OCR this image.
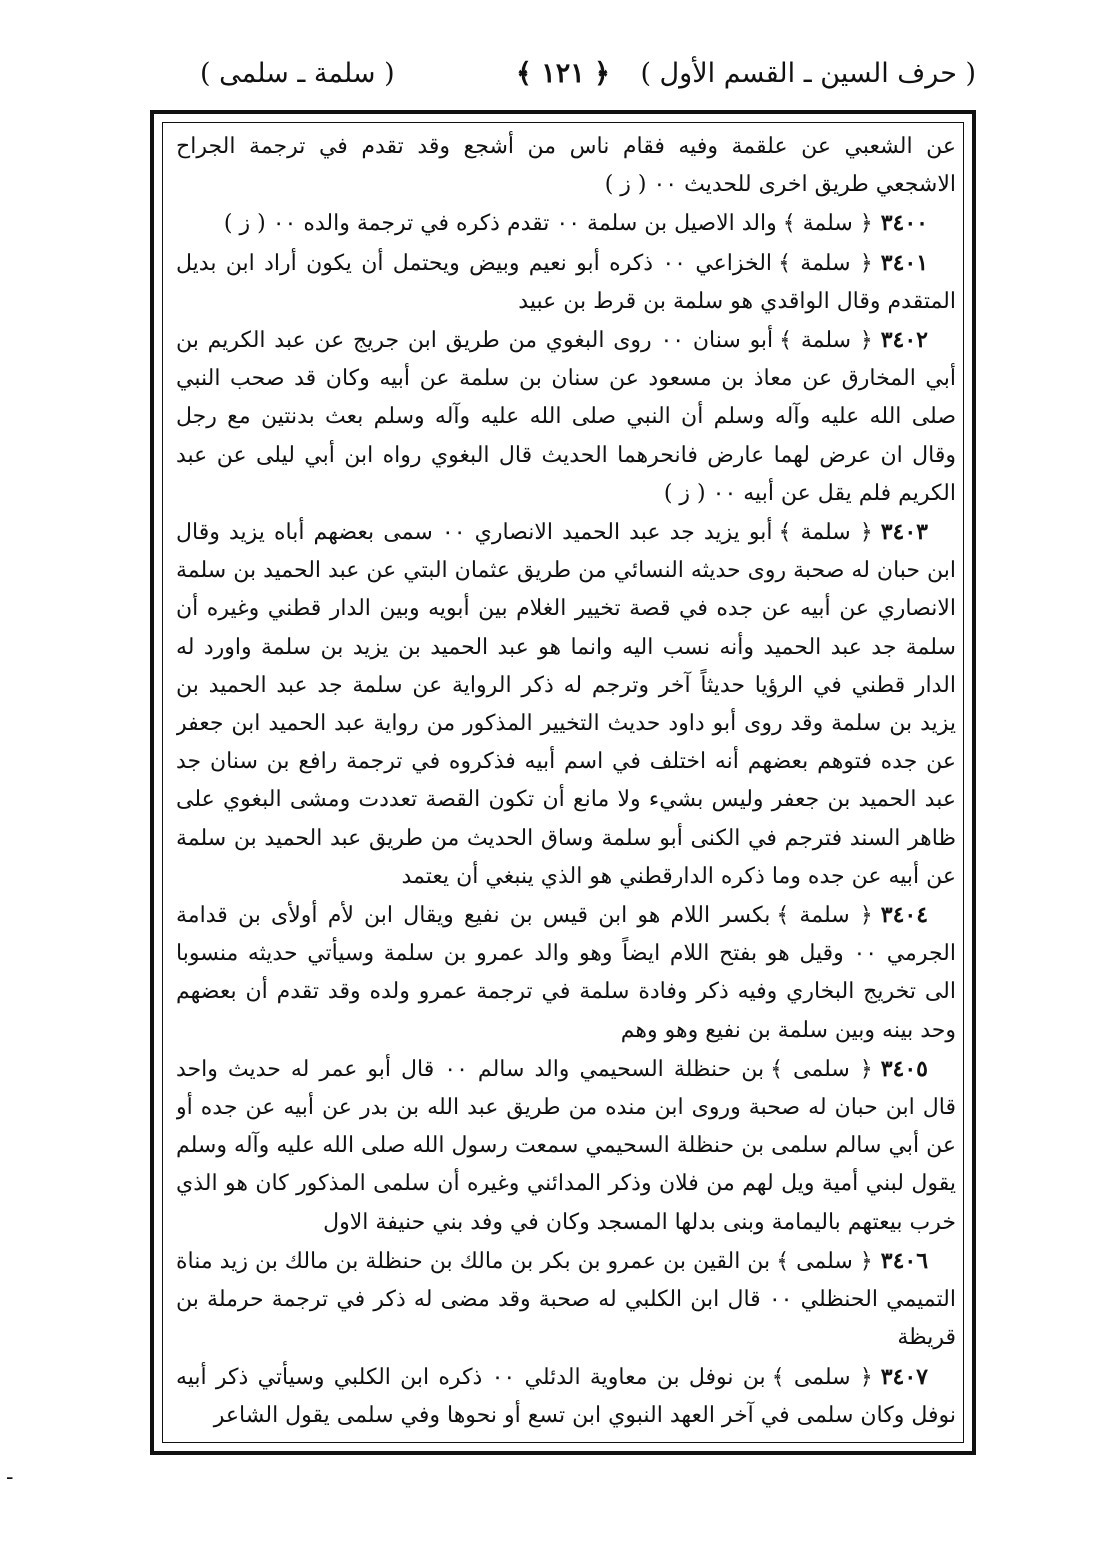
( حرف السين ـ القسم الأول )
﴿ ١٢١ ﴾
( سلمة ـ سلمى )

عن الشعبي عن علقمة وفيه فقام ناس من أشجع وقد تقدم في ترجمة الجراح الاشجعي طريق اخرى للحديث ٠٠ ( ز )

٣٤٠٠﴿ سلمة ﴾والد الاصيل بن سلمة ٠٠ تقدم ذكره في ترجمة والده ٠٠ ( ز )

٣٤٠١﴿ سلمة ﴾الخزاعي ٠٠ ذكره أبو نعيم وبيض ويحتمل أن يكون أراد ابن بديل المتقدم وقال الواقدي هو سلمة بن قرط بن عبيد

٣٤٠٢﴿ سلمة ﴾أبو سنان ٠٠ روى البغوي من طريق ابن جريج عن عبد الكريم بن أبي المخارق عن معاذ بن مسعود عن سنان بن سلمة عن أبيه وكان قد صحب النبي صلى الله عليه وآله وسلم أن النبي صلى الله عليه وآله وسلم بعث بدنتين مع رجل وقال ان عرض لهما عارض فانحرهما الحديث قال البغوي رواه ابن أبي ليلى عن عبد الكريم فلم يقل عن أبيه ٠٠ ( ز )

٣٤٠٣﴿ سلمة ﴾أبو يزيد جد عبد الحميد الانصاري ٠٠ سمى بعضهم أباه يزيد وقال ابن حبان له صحبة روى حديثه النسائي من طريق عثمان البتي عن عبد الحميد بن سلمة الانصاري عن أبيه عن جده في قصة تخيير الغلام بين أبويه وبين الدار قطني وغيره أن سلمة جد عبد الحميد وأنه نسب اليه وانما هو عبد الحميد بن يزيد بن سلمة واورد له الدار قطني في الرؤيا حديثاً آخر وترجم له ذكر الرواية عن سلمة جد عبد الحميد بن يزيد بن سلمة وقد روى أبو داود حديث التخيير المذكور من رواية عبد الحميد ابن جعفر عن جده فتوهم بعضهم أنه اختلف في اسم أبيه فذكروه في ترجمة رافع بن سنان جد عبد الحميد بن جعفر وليس بشيء ولا مانع أن تكون القصة تعددت ومشى البغوي على ظاهر السند فترجم في الكنى أبو سلمة وساق الحديث من طريق عبد الحميد بن سلمة عن أبيه عن جده وما ذكره الدارقطني هو الذي ينبغي أن يعتمد

٣٤٠٤﴿ سلمة ﴾بكسر اللام هو ابن قيس بن نفيع ويقال ابن لأم أولأى بن قدامة الجرمي ٠٠ وقيل هو بفتح اللام ايضاً وهو والد عمرو بن سلمة وسيأتي حديثه منسوبا الى تخريج البخاري وفيه ذكر وفادة سلمة في ترجمة عمرو ولده وقد تقدم أن بعضهم وحد بينه وبين سلمة بن نفيع وهو وهم

٣٤٠٥﴿ سلمى ﴾بن حنظلة السحيمي والد سالم ٠٠ قال أبو عمر له حديث واحد قال ابن حبان له صحبة وروى ابن منده من طريق عبد الله بن بدر عن أبيه عن جده أو عن أبي سالم سلمى بن حنظلة السحيمي سمعت رسول الله صلى الله عليه وآله وسلم يقول لبني أمية ويل لهم من فلان وذكر المدائني وغيره أن سلمى المذكور كان هو الذي خرب بيعتهم باليمامة وبنى بدلها المسجد وكان في وفد بني حنيفة الاول

٣٤٠٦﴿ سلمى ﴾بن القين بن عمرو بن بكر بن مالك بن حنظلة بن مالك بن زيد مناة التميمي الحنظلي ٠٠ قال ابن الكلبي له صحبة وقد مضى له ذكر في ترجمة حرملة بن قريظة

٣٤٠٧﴿ سلمى ﴾بن نوفل بن معاوية الدئلي ٠٠ ذكره ابن الكلبي وسيأتي ذكر أبيه نوفل وكان سلمى في آخر العهد النبوي ابن تسع أو نحوها وفي سلمى يقول الشاعر

-
